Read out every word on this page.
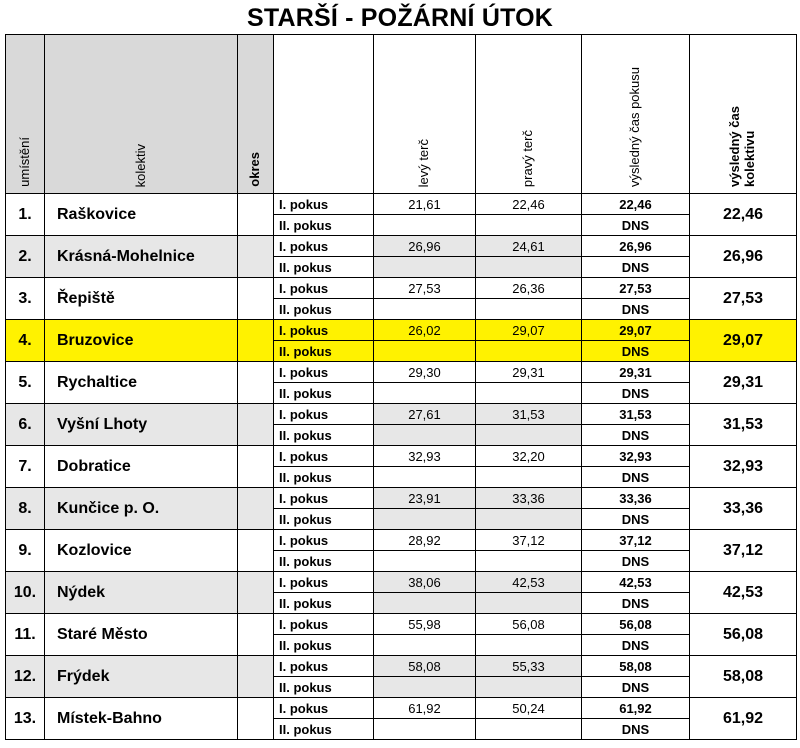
STARŠÍ - POŽÁRNÍ ÚTOK
umístění	kolektiv	okres		levý terč	pravý terč	výsledný čas pokusu	výsledný čas kolektivu

1.	Raškovice		I. pokus	21,61	22,46	22,46	22,46
			II. pokus			DNS	
2.	Krásná-Mohelnice		I. pokus	26,96	24,61	26,96	26,96
			II. pokus			DNS	
3.	Řepiště		I. pokus	27,53	26,36	27,53	27,53
			II. pokus			DNS	
4.	Bruzovice		I. pokus	26,02	29,07	29,07	29,07
			II. pokus			DNS	
5.	Rychaltice		I. pokus	29,30	29,31	29,31	29,31
			II. pokus			DNS	
6.	Vyšní Lhoty		I. pokus	27,61	31,53	31,53	31,53
			II. pokus			DNS	
7.	Dobratice		I. pokus	32,93	32,20	32,93	32,93
			II. pokus			DNS	
8.	Kunčice p. O.		I. pokus	23,91	33,36	33,36	33,36
			II. pokus			DNS	
9.	Kozlovice		I. pokus	28,92	37,12	37,12	37,12
			II. pokus			DNS	
10.	Nýdek		I. pokus	38,06	42,53	42,53	42,53
			II. pokus			DNS	
11.	Staré Město		I. pokus	55,98	56,08	56,08	56,08
			II. pokus			DNS	
12.	Frýdek		I. pokus	58,08	55,33	58,08	58,08
			II. pokus			DNS	
13.	Místek-Bahno		I. pokus	61,92	50,24	61,92	61,92
			II. pokus			DNS	
